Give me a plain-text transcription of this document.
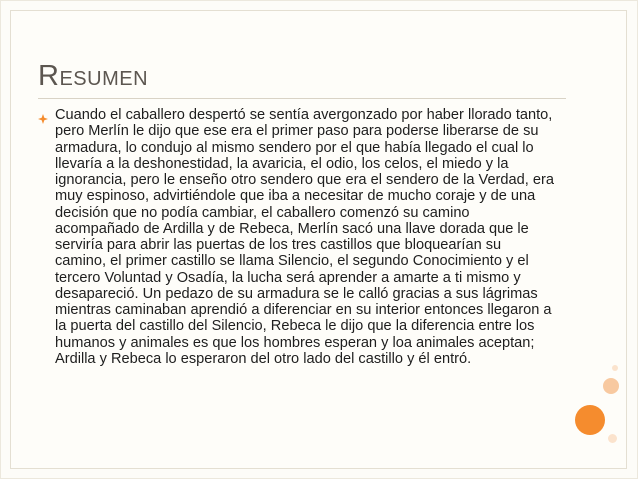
Resumen

Cuando el caballero despertó se sentía avergonzado por haber llorado tanto, pero Merlín le dijo que ese era el primer paso para poderse liberarse de su armadura, lo condujo al mismo sendero por el que había llegado el cual lo llevaría a la deshonestidad, la avaricia, el odio, los celos, el miedo y la ignorancia, pero le enseño otro sendero que era el sendero de la Verdad, era muy espinoso, advirtiéndole que iba a necesitar de mucho coraje y de una decisión que no podía cambiar, el caballero comenzó su camino acompañado de Ardilla y de Rebeca, Merlín sacó una llave dorada que le serviría para abrir las puertas de los tres castillos que bloquearían su camino, el primer castillo se llama Silencio, el segundo Conocimiento y el tercero Voluntad y Osadía, la lucha será aprender a amarte a ti mismo y desapareció. Un pedazo de su armadura se le calló gracias a sus lágrimas mientras caminaban aprendió a diferenciar en su interior entonces llegaron a la puerta del castillo del Silencio, Rebeca le dijo que la diferencia entre los humanos y animales es que los hombres esperan y loa animales aceptan; Ardilla y Rebeca lo esperaron del otro lado del castillo y él entró.
